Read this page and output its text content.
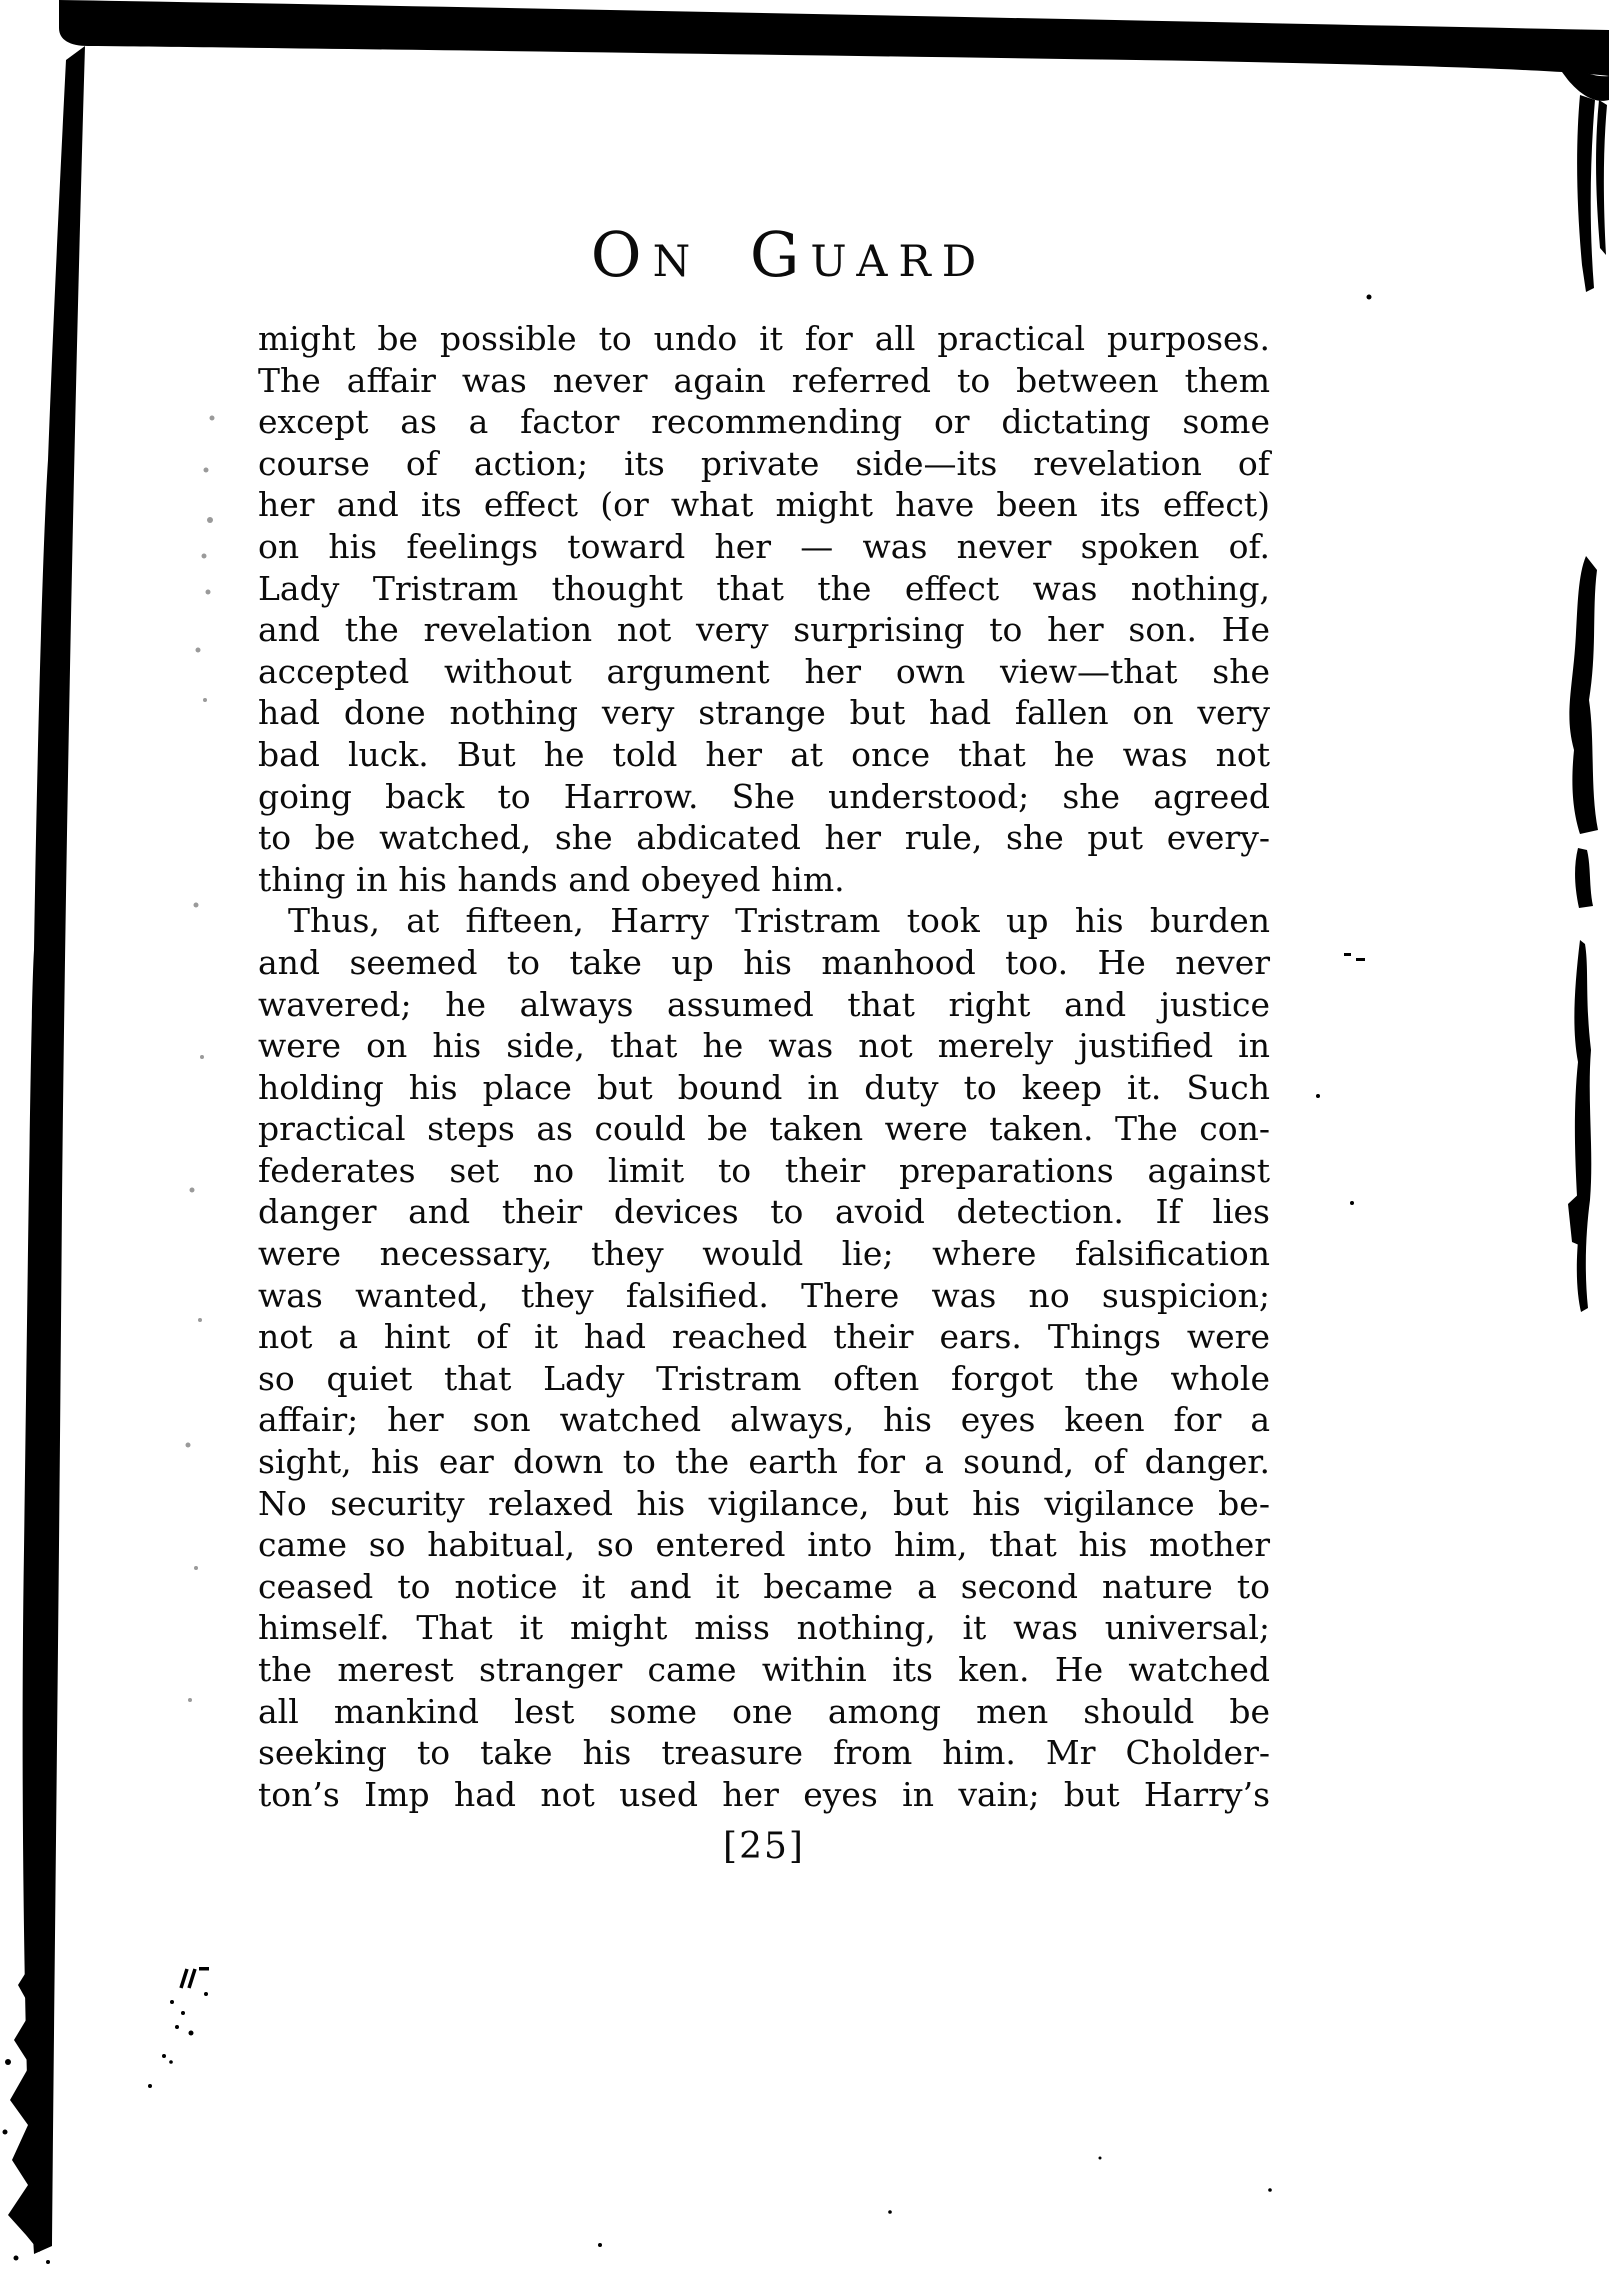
On Guard
might be possible to undo it for all practical purposes.
The affair was never again referred to between them
except as a factor recommending or dictating some
course of action; its private side—its revelation of
her and its effect (or what might have been its effect)
on his feelings toward her — was never spoken of.
Lady Tristram thought that the effect was nothing,
and the revelation not very surprising to her son. He
accepted without argument her own view—that she
had done nothing very strange but had fallen on very
bad luck. But he told her at once that he was not
going back to Harrow. She understood; she agreed
to be watched, she abdicated her rule, she put every-
thing in his hands and obeyed him.
Thus, at fifteen, Harry Tristram took up his burden
and seemed to take up his manhood too. He never
wavered; he always assumed that right and justice
were on his side, that he was not merely justified in
holding his place but bound in duty to keep it. Such
practical steps as could be taken were taken. The con-
federates set no limit to their preparations against
danger and their devices to avoid detection. If lies
were necessary, they would lie; where falsification
was wanted, they falsified. There was no suspicion;
not a hint of it had reached their ears. Things were
so quiet that Lady Tristram often forgot the whole
affair; her son watched always, his eyes keen for a
sight, his ear down to the earth for a sound, of danger.
No security relaxed his vigilance, but his vigilance be-
came so habitual, so entered into him, that his mother
ceased to notice it and it became a second nature to
himself. That it might miss nothing, it was universal;
the merest stranger came within its ken. He watched
all mankind lest some one among men should be
seeking to take his treasure from him. Mr Cholder-
ton’s Imp had not used her eyes in vain; but Harry’s
[25]
